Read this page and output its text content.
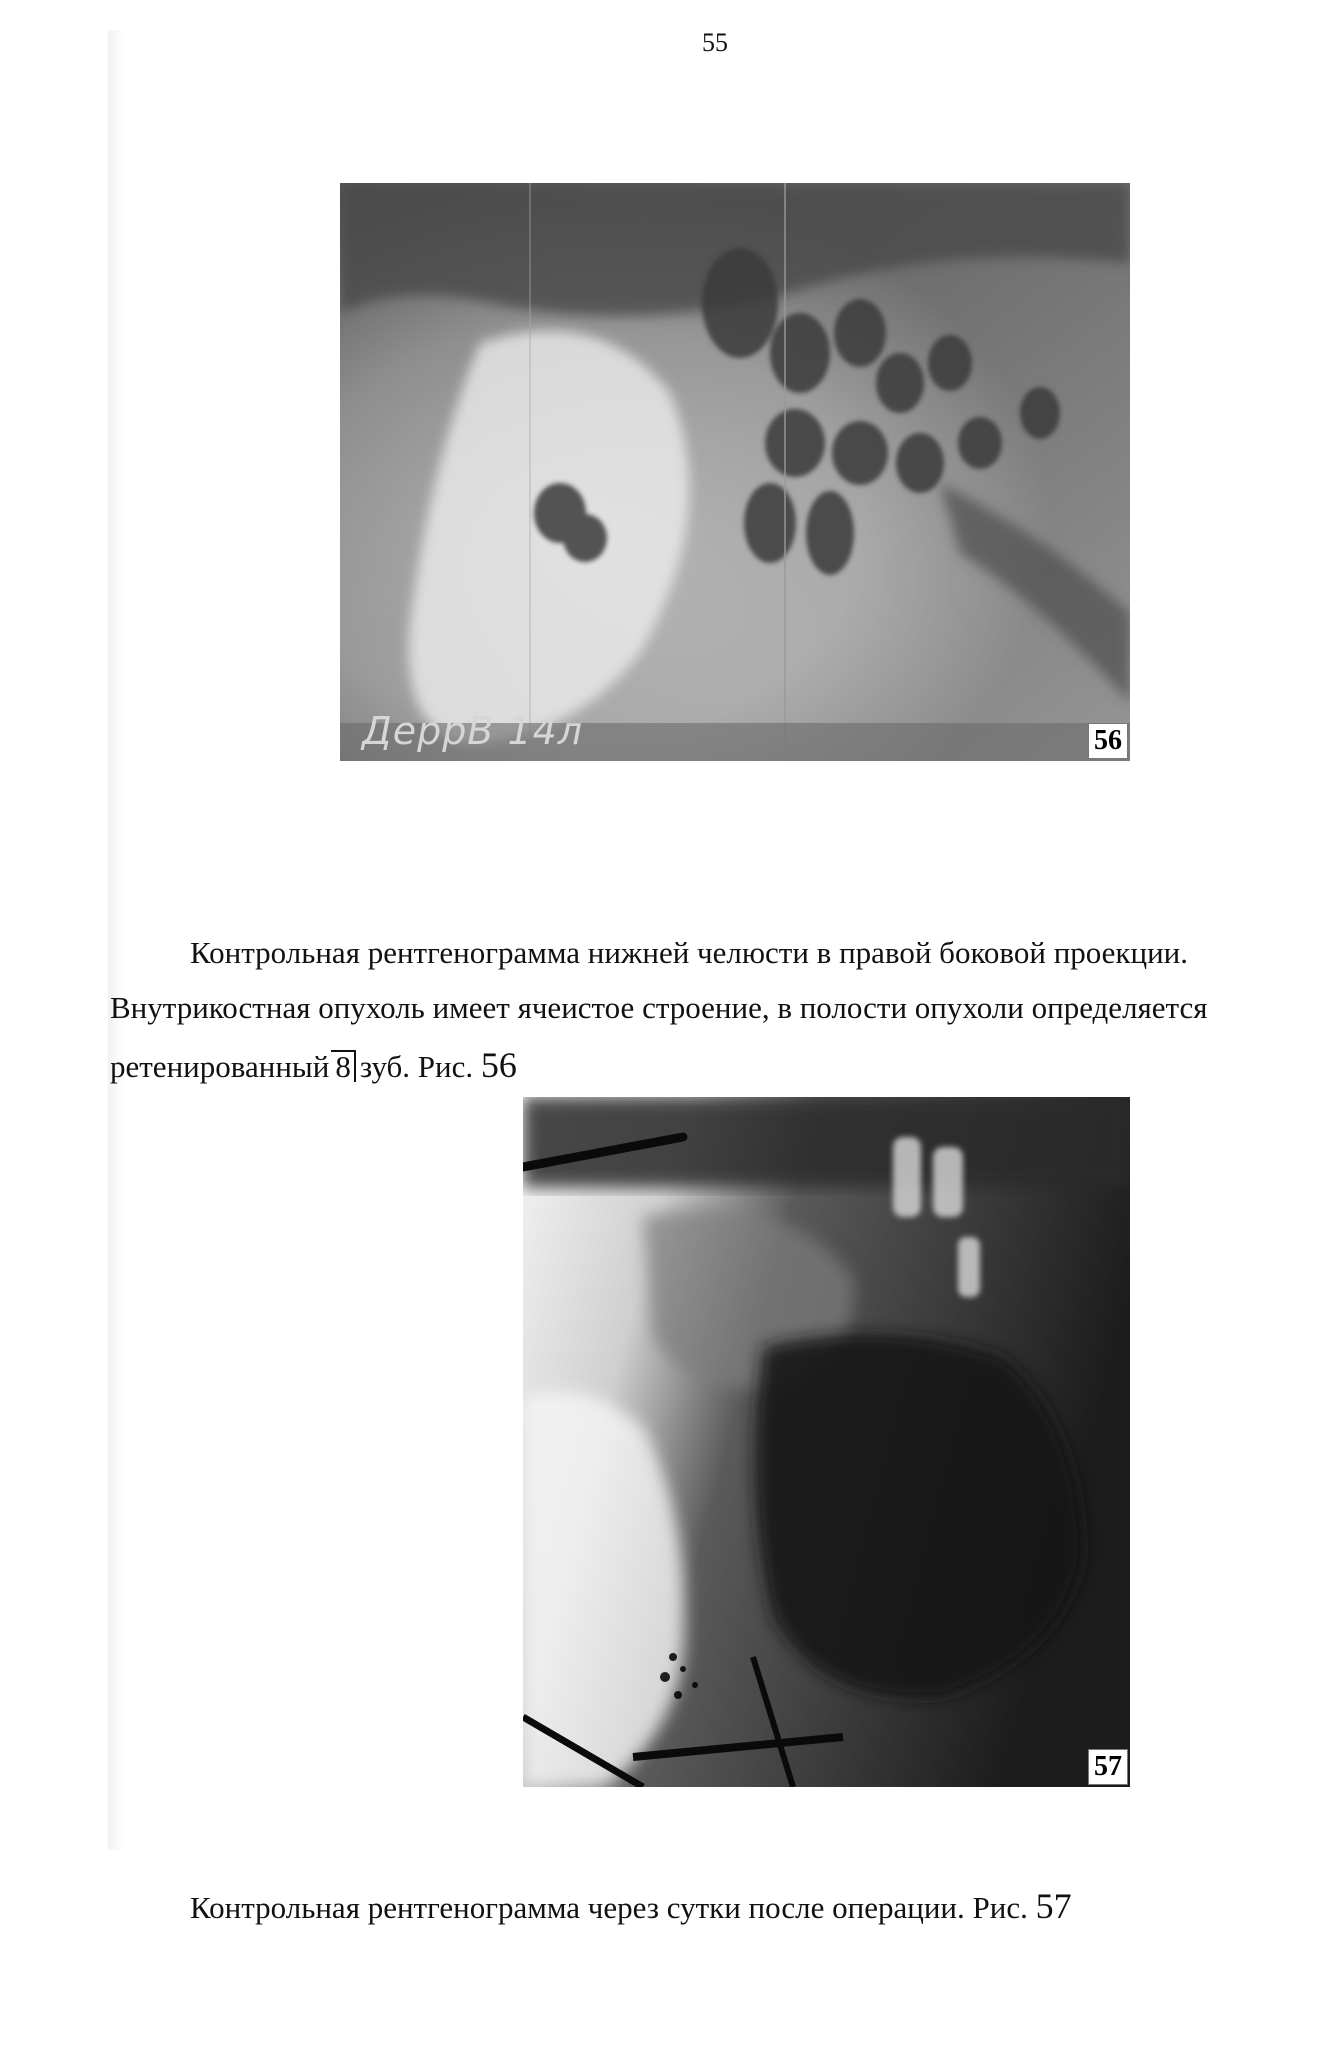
55
ДеррВ 14л	56
Контрольная рентгенограмма нижней челюсти в правой боковой проекции.
Внутрикостная опухоль имеет ячеистое строение, в полости опухоли определяется
ретенированный 8 зуб. Рис. 56
57
Контрольная рентгенограмма через сутки после операции. Рис. 57
